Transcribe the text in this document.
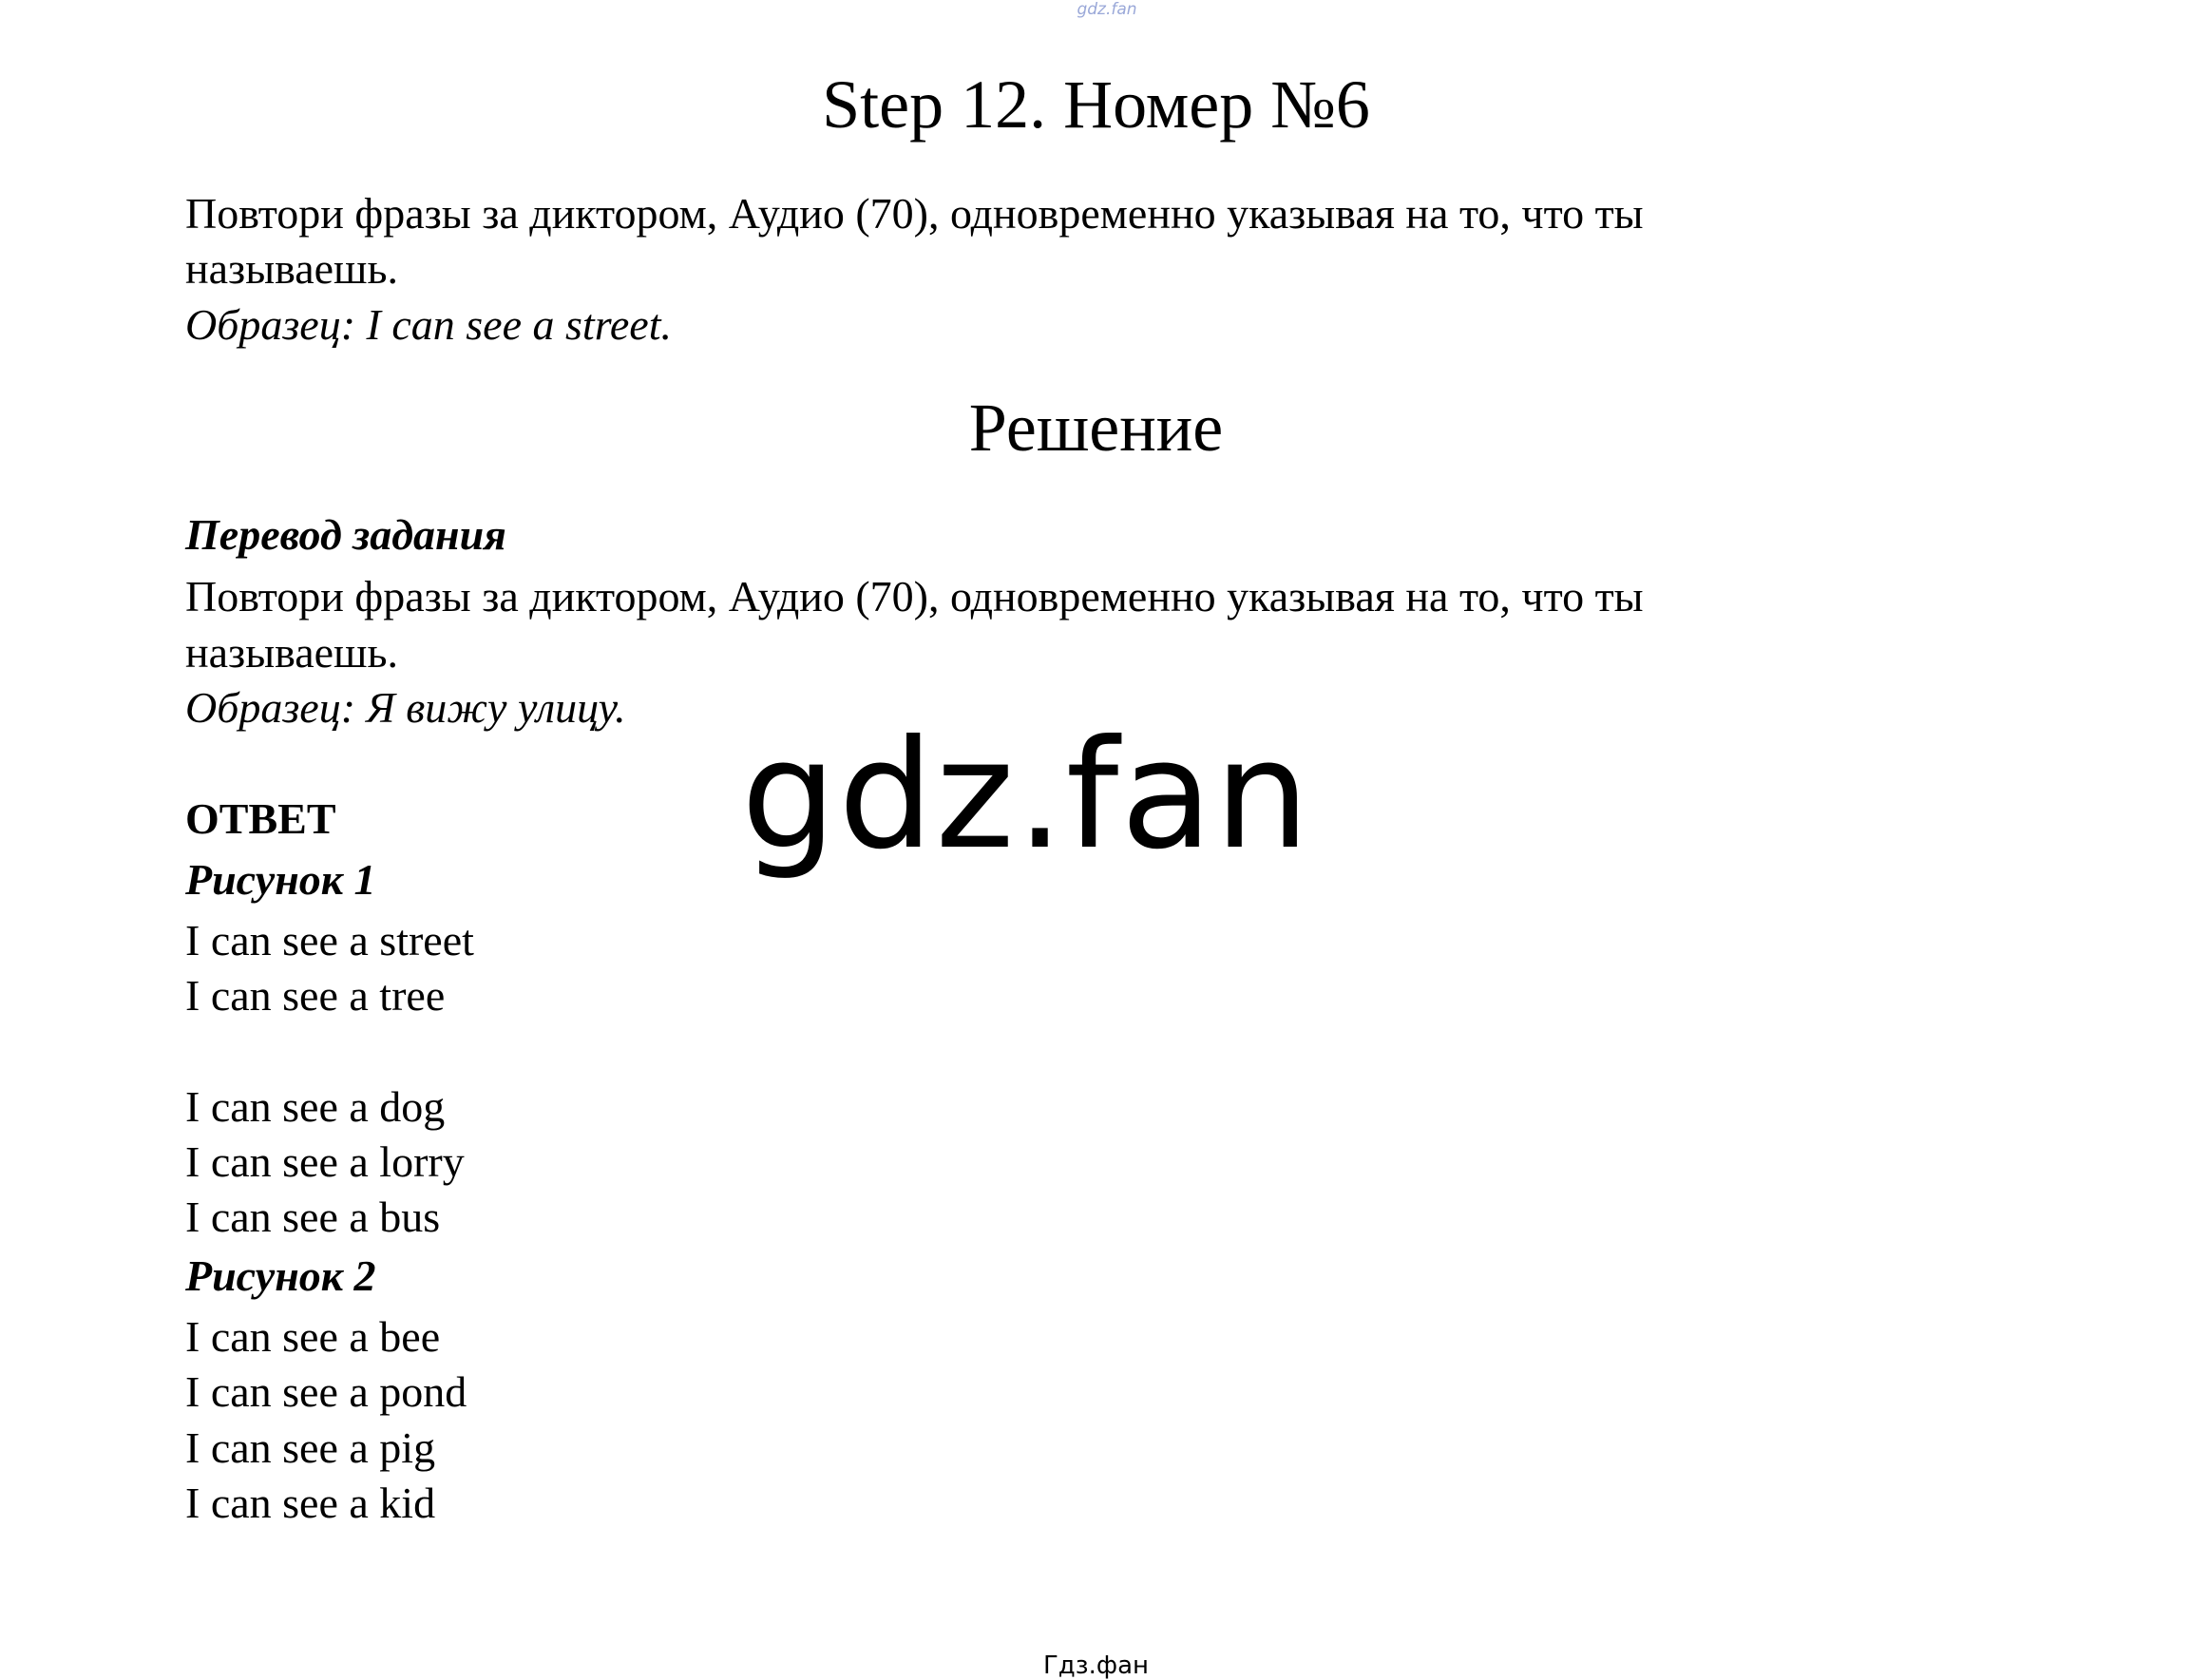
gdz.fan
Step 12. Номер №6
Повтори фразы за диктором, Аудио (70), одновременно указывая на то, что ты
называешь.
Образец: I can see a street.
Решение
Перевод задания
Повтори фразы за диктором, Аудио (70), одновременно указывая на то, что ты
называешь.
Образец: Я вижу улицу.
gdz.fan
ОТВЕТ
Рисунок 1
I can see a street
I can see a tree
I can see a dog
I can see a lorry
I can see a bus
Рисунок 2
I can see a bee
I can see a pond
I can see a pig
I can see a kid
Гдз.фан
